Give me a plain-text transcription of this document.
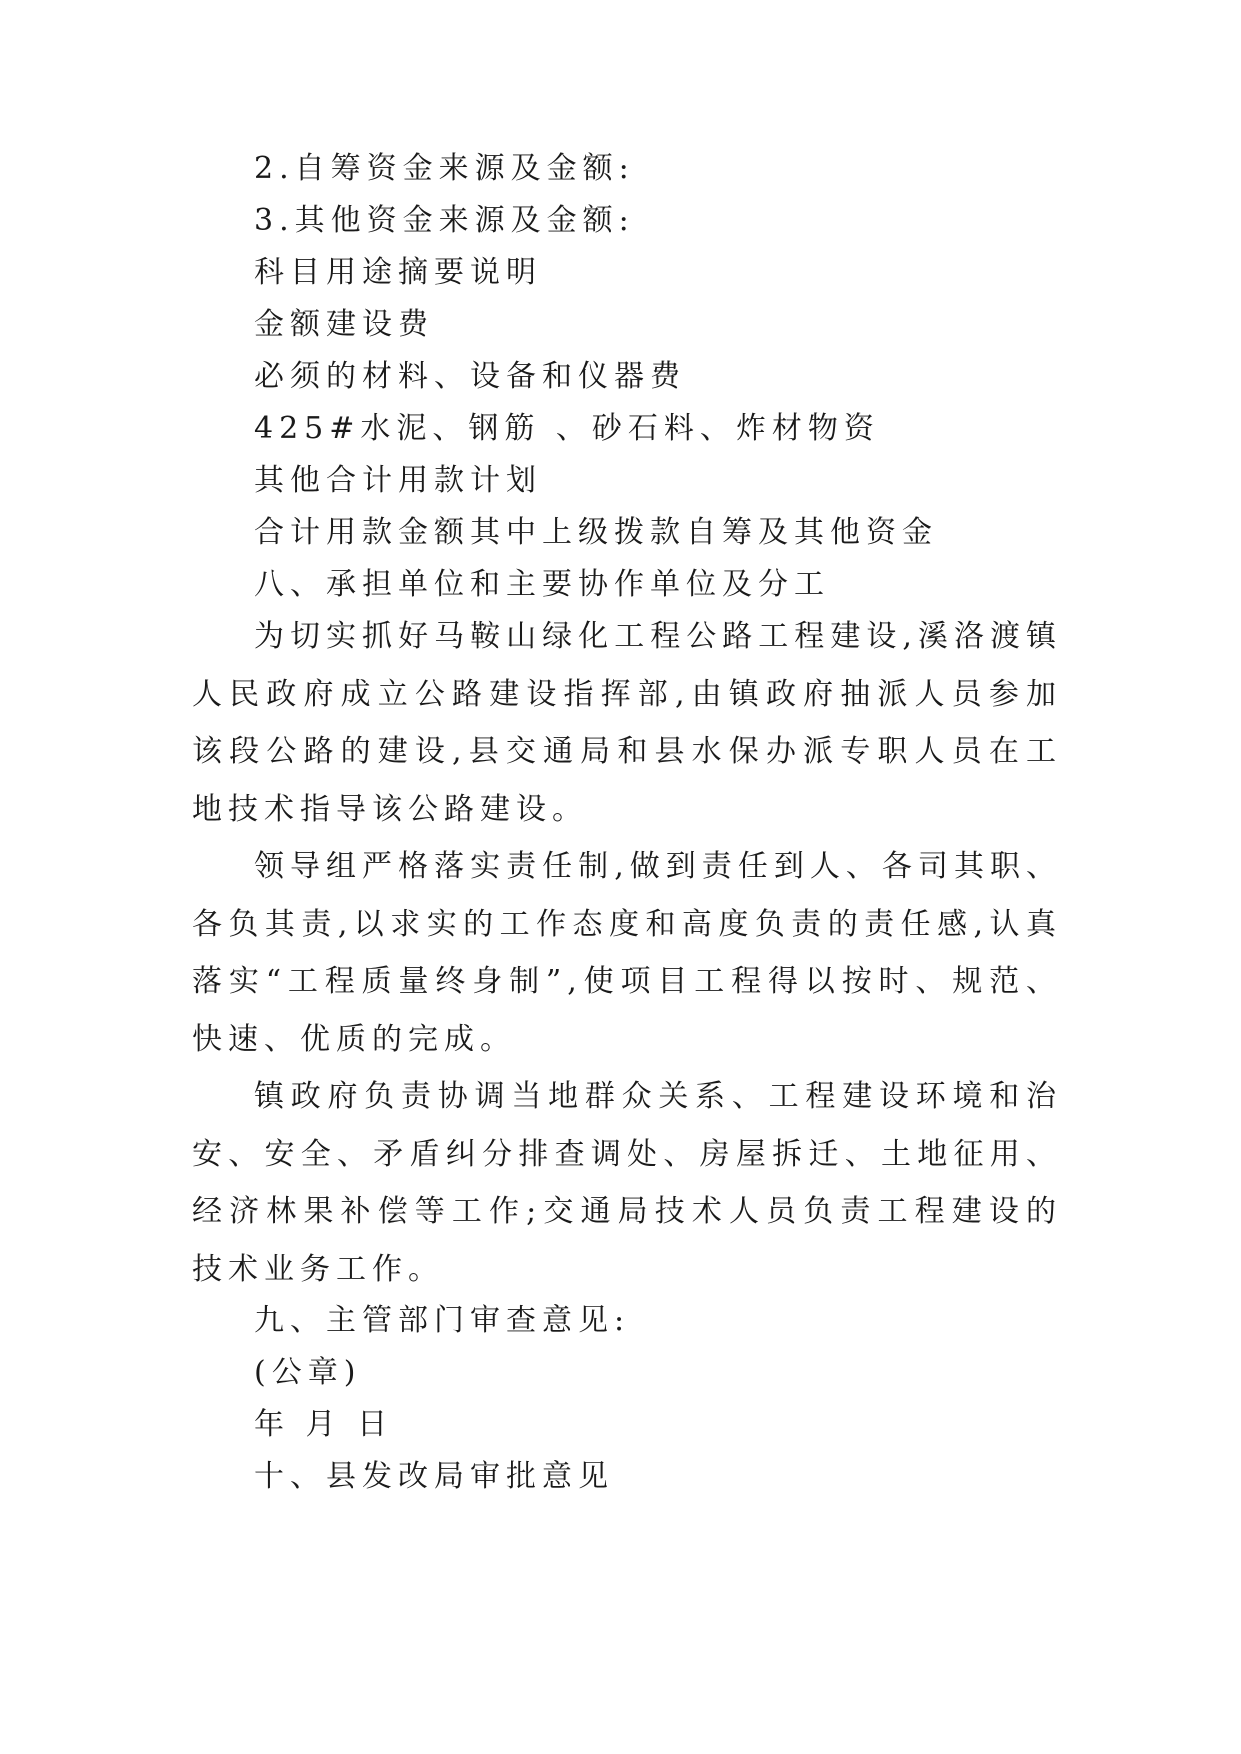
2.自筹资金来源及金额:
3.其他资金来源及金额:
科目用途摘要说明
金额建设费
必须的材料、设备和仪器费
425#水泥、钢筋 、砂石料、炸材物资
其他合计用款计划
合计用款金额其中上级拨款自筹及其他资金
八、承担单位和主要协作单位及分工
为切实抓好马鞍山绿化工程公路工程建设,溪洛渡镇人民政府成立公路建设指挥部,由镇政府抽派人员参加该段公路的建设,县交通局和县水保办派专职人员在工地技术指导该公路建设。
领导组严格落实责任制,做到责任到人、各司其职、各负其责,以求实的工作态度和高度负责的责任感,认真落实“工程质量终身制”,使项目工程得以按时、规范、快速、优质的完成。
镇政府负责协调当地群众关系、工程建设环境和治安、安全、矛盾纠分排查调处、房屋拆迁、土地征用、经济林果补偿等工作;交通局技术人员负责工程建设的技术业务工作。
九、主管部门审查意见:
(公章)
年 月 日
十、县发改局审批意见
